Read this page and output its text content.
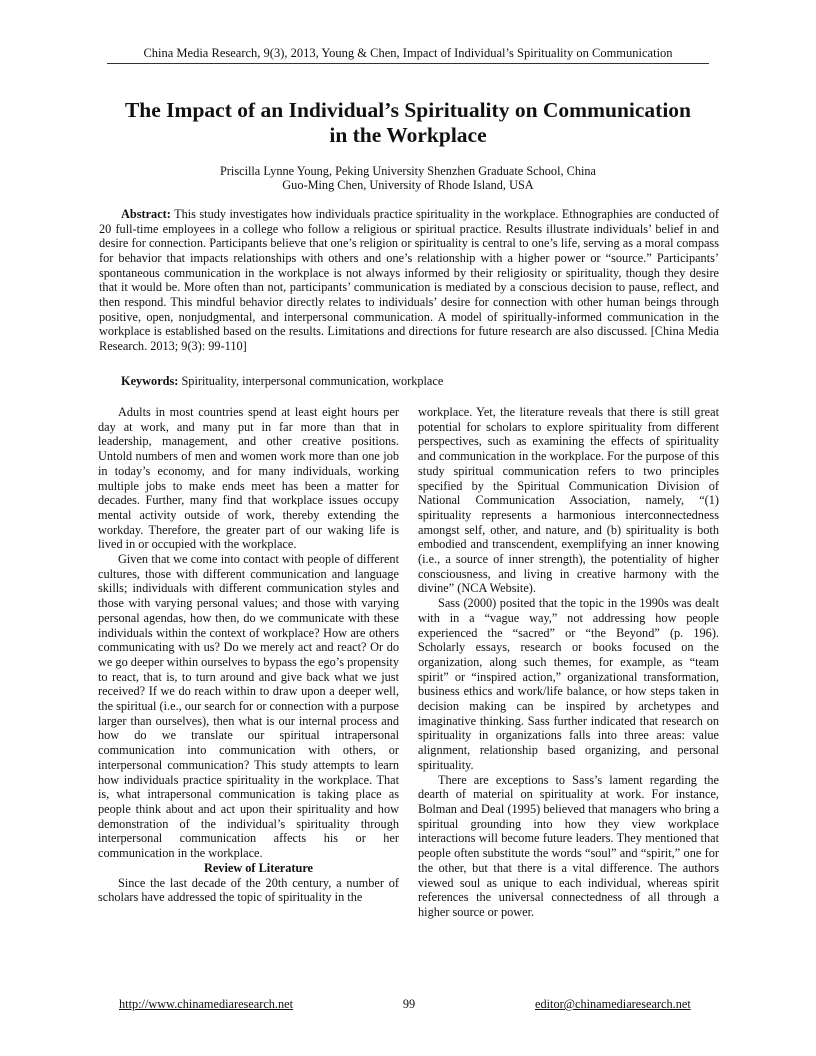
China Media Research, 9(3), 2013, Young & Chen, Impact of Individual’s Spirituality on Communication
The Impact of an Individual’s Spirituality on Communication
in the Workplace
Priscilla Lynne Young, Peking University Shenzhen Graduate School, China
Guo-Ming Chen, University of Rhode Island, USA

Abstract: This study investigates how individuals practice spirituality in the workplace. Ethnographies are conducted of 20 full-time employees in a college who follow a religious or spiritual practice. Results illustrate individuals’ belief in and desire for connection. Participants believe that one’s religion or spirituality is central to one’s life, serving as a moral compass for behavior that impacts relationships with others and one’s relationship with a higher power or “source.” Participants’ spontaneous communication in the workplace is not always informed by their religiosity or spirituality, though they desire that it would be. More often than not, participants’ communication is mediated by a conscious decision to pause, reflect, and then respond. This mindful behavior directly relates to individuals’ desire for connection with other human beings through positive, open, nonjudgmental, and interpersonal communication. A model of spiritually-informed communication in the workplace is established based on the results. Limitations and directions for future research are also discussed. [China Media Research. 2013; 9(3): 99-110]

Keywords: Spirituality, interpersonal communication, workplace

Adults in most countries spend at least eight hours per day at work, and many put in far more than that in leadership, management, and other creative positions. Untold numbers of men and women work more than one job in today’s economy, and for many individuals, working multiple jobs to make ends meet has been a matter for decades. Further, many find that workplace issues occupy mental activity outside of work, thereby extending the workday. Therefore, the greater part of our waking life is lived in or occupied with the workplace.

Given that we come into contact with people of different cultures, those with different communication and language skills; individuals with different communication styles and those with varying personal values; and those with varying personal agendas, how then, do we communicate with these individuals within the context of workplace? How are others communicating with us? Do we merely act and react? Or do we go deeper within ourselves to bypass the ego’s propensity to react, that is, to turn around and give back what we just received? If we do reach within to draw upon a deeper well, the spiritual (i.e., our search for or connection with a purpose larger than ourselves), then what is our internal process and how do we translate our spiritual intrapersonal communication into communication with others, or interpersonal communication? This study attempts to learn how individuals practice spirituality in the workplace. That is, what intrapersonal communication is taking place as people think about and act upon their spirituality and how demonstration of the individual’s spirituality through interpersonal communication affects his or her communication in the workplace.

Review of Literature

Since the last decade of the 20th century, a number of scholars have addressed the topic of spirituality in the

workplace. Yet, the literature reveals that there is still great potential for scholars to explore spirituality from different perspectives, such as examining the effects of spirituality and communication in the workplace. For the purpose of this study spiritual communication refers to two principles specified by the Spiritual Communication Division of National Communication Association, namely, “(1) spirituality represents a harmonious interconnectedness amongst self, other, and nature, and (b) spirituality is both embodied and transcendent, exemplifying an inner knowing (i.e., a source of inner strength), the potentiality of higher consciousness, and living in creative harmony with the divine” (NCA Website).

Sass (2000) posited that the topic in the 1990s was dealt with in a “vague way,” not addressing how people experienced the “sacred” or “the Beyond” (p. 196). Scholarly essays, research or books focused on the organization, along such themes, for example, as “team spirit” or “inspired action,” organizational transformation, business ethics and work/life balance, or how steps taken in decision making can be inspired by archetypes and imaginative thinking. Sass further indicated that research on spirituality in organizations falls into three areas: value alignment, relationship based organizing, and personal spirituality.

There are exceptions to Sass’s lament regarding the dearth of material on spirituality at work. For instance, Bolman and Deal (1995) believed that managers who bring a spiritual grounding into how they view workplace interactions will become future leaders. They mentioned that people often substitute the words “soul” and “spirit,” one for the other, but that there is a vital difference. The authors viewed soul as unique to each individual, whereas spirit references the universal connectedness of all through a higher source or power.

http://www.chinamediaresearch.net	99	editor@chinamediaresearch.net
